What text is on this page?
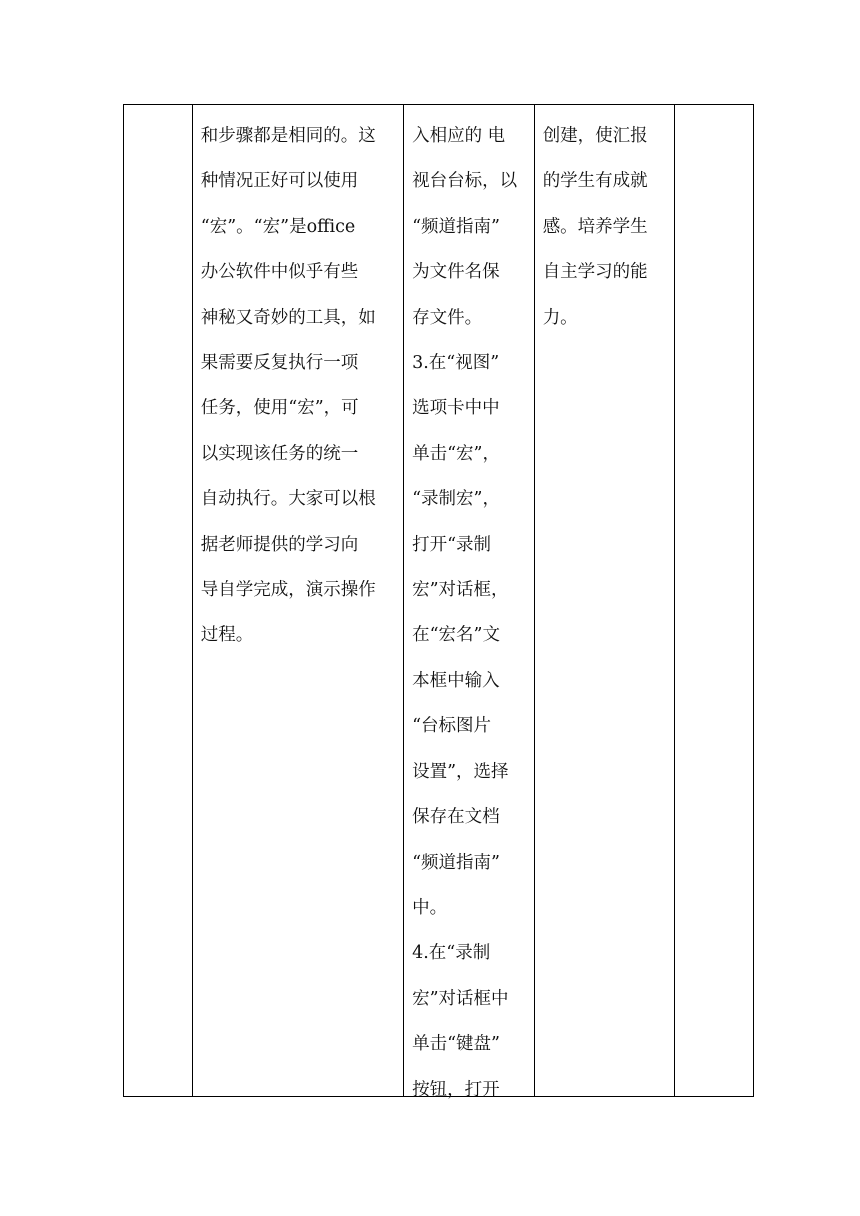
和步骤都是相同的。这
种情况正好可以使用
“宏”。“宏”是office
办公软件中似乎有些
神秘又奇妙的工具，如
果需要反复执行一项
任务，使用“宏”，可
以实现该任务的统一
自动执行。大家可以根
据老师提供的学习向
导自学完成，演示操作
过程。
入相应的 电
视台台标，以
“频道指南”
为文件名保
存文件。
3.在“视图”
选项卡中中
单击“宏”，
“录制宏”，
打开“录制
宏”对话框，
在“宏名”文
本框中输入
“台标图片
设置”，选择
保存在文档
“频道指南”
中。
4.在“录制
宏”对话框中
单击“键盘”
按钮，打开
创建，使汇报
的学生有成就
感。培养学生
自主学习的能
力。
